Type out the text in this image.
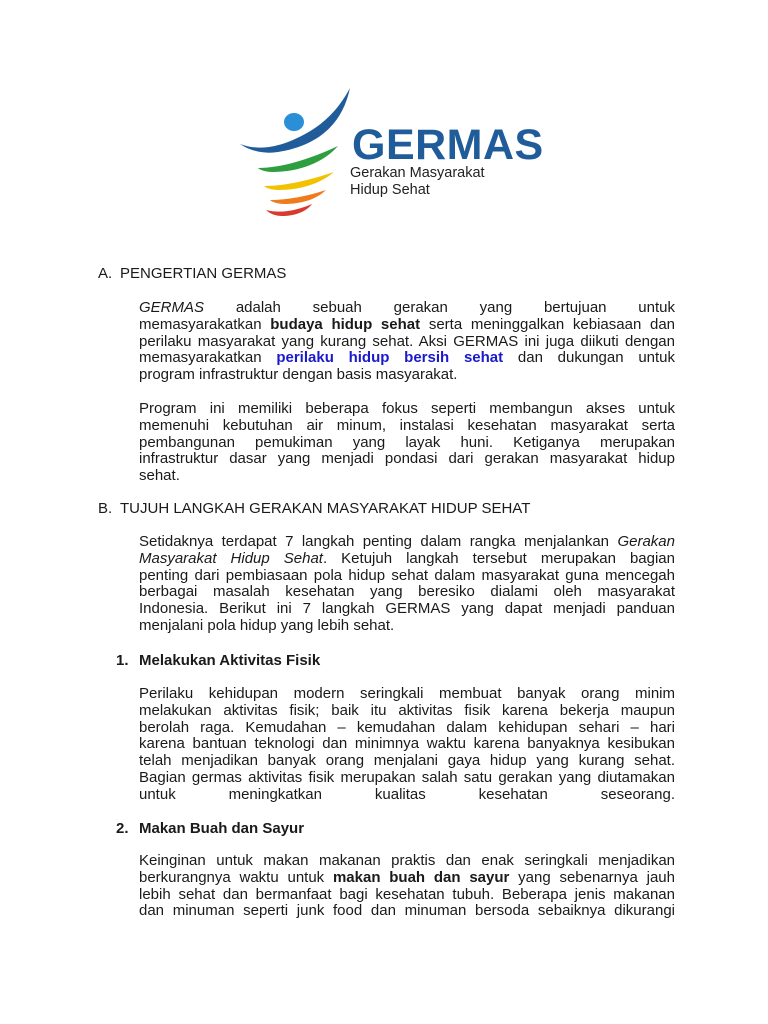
GERMAS
Gerakan Masyarakat
Hidup Sehat
A. PENGERTIAN GERMAS
GERMAS adalah sebuah gerakan yang bertujuan untuk
memasyarakatkan budaya hidup sehat serta meninggalkan kebiasaan dan
perilaku masyarakat yang kurang sehat. Aksi GERMAS ini juga diikuti dengan
memasyarakatkan perilaku hidup bersih sehat dan dukungan untuk
program infrastruktur dengan basis masyarakat.
Program ini memiliki beberapa fokus seperti membangun akses untuk
memenuhi kebutuhan air minum, instalasi kesehatan masyarakat serta
pembangunan pemukiman yang layak huni. Ketiganya merupakan
infrastruktur dasar yang menjadi pondasi dari gerakan masyarakat hidup
sehat.
B. TUJUH LANGKAH GERAKAN MASYARAKAT HIDUP SEHAT
Setidaknya terdapat 7 langkah penting dalam rangka menjalankan Gerakan
Masyarakat Hidup Sehat. Ketujuh langkah tersebut merupakan bagian
penting dari pembiasaan pola hidup sehat dalam masyarakat guna mencegah
berbagai masalah kesehatan yang beresiko dialami oleh masyarakat
Indonesia. Berikut ini 7 langkah GERMAS yang dapat menjadi panduan
menjalani pola hidup yang lebih sehat.
1. Melakukan Aktivitas Fisik
Perilaku kehidupan modern seringkali membuat banyak orang minim
melakukan aktivitas fisik; baik itu aktivitas fisik karena bekerja maupun
berolah raga. Kemudahan – kemudahan dalam kehidupan sehari – hari
karena bantuan teknologi dan minimnya waktu karena banyaknya kesibukan
telah menjadikan banyak orang menjalani gaya hidup yang kurang sehat.
Bagian germas aktivitas fisik merupakan salah satu gerakan yang diutamakan
untuk meningkatkan kualitas kesehatan seseorang.
2. Makan Buah dan Sayur
Keinginan untuk makan makanan praktis dan enak seringkali menjadikan
berkurangnya waktu untuk makan buah dan sayur yang sebenarnya jauh
lebih sehat dan bermanfaat bagi kesehatan tubuh. Beberapa jenis makanan
dan minuman seperti junk food dan minuman bersoda sebaiknya dikurangi
